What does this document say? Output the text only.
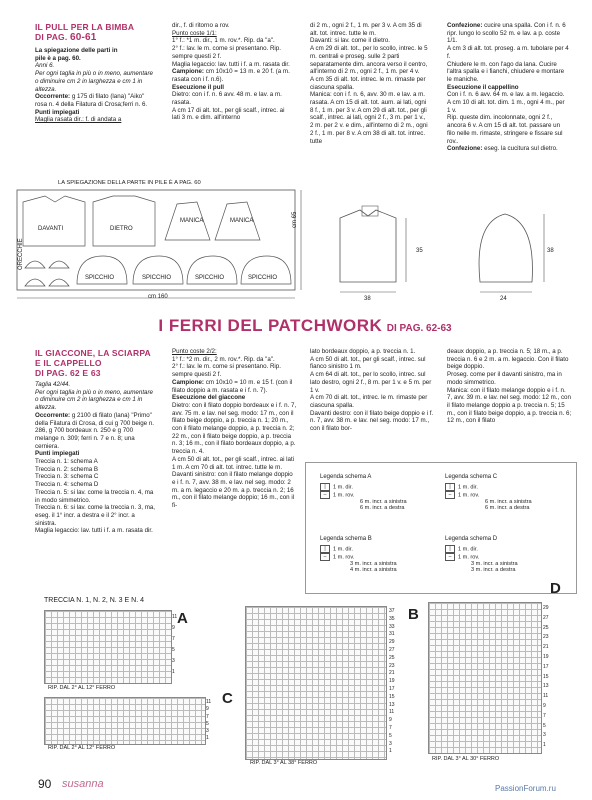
IL PULL PER LA BIMBA
DI PAG. 60-61

La spiegazione delle parti in

pile è a pag. 60.

Anni 6.

Per ogni taglia in più o in meno, aumentare o diminuire cm 2 in larghezza e cm 1 in altezza.

Occorrente: g 175 di filato (lana) "Aiko" rosa n. 4 della Filatura di Crosa;ferri n. 6.

Punti impiegati

Maglia rasata dir.: f. di andata a

dir., f. di ritorno a rov.

Punto coste 1/1:

1° f.: *1 m. dir., 1 m. rov.*. Rip. da "a".

2° f.: lav. le m. come si presentano. Rip. sempre questi 2 f.

Maglia legaccio: lav. tutti i f. a m. rasata dir.

Campione: cm 10x10 = 13 m. e 20 f. (a m. rasata con i f. n.6).

Esecuzione il pull

Dietro: con i f. n. 6 avv. 48 m. e lav. a m. rasata.

A cm 17 di alt. tot., per gli scalf., intrec. ai lati 3 m. e dim. all'interno

di 2 m., ogni 2 f., 1 m. per 3 v. A cm 35 di alt. tot. intrec. tutte le m.

Davanti: si lav. come il dietro.

A cm 29 di alt. tot., per lo scollo, intrec. le 5 m. centrali e proseg. sulle 2 parti separatamente dim. ancora verso il centro, all'interno di 2 m., ogni 2 f., 1 m. per 4 v.

A cm 35 di alt. tot. intrec. le m. rimaste per ciascuna spalla.

Manica: con i f. n. 6, avv. 30 m. e lav. a m. rasata. A cm 15 di alt. tot. aum. ai lati, ogni 8 f., 1 m. per 3 v. A cm 29 di alt. tot., per gli scalf., intrec. ai lati, ogni 2 f., 3 m. per 1 v., 2 m. per 2 v. e dim., all'interno di 2 m., ogni 2 f., 1 m. per 8 v. A cm 38 di alt. tot. intrec. tutte

Confezione: cucire una spalla. Con i f. n. 6 ripr. lungo lo scollo 52 m. e lav. a p. coste 1/1.

A cm 3 di alt. tot. proseg. a m. tubolare per 4 f.

Chiudere le m. con l'ago da lana. Cucire l'altra spalla e i fianchi, chiudere e montare le maniche.

Esecuzione il cappellino

Con i f. n. 6 avv. 64 m. e lav. a m. legaccio. A cm 10 di alt. tot. dim. 1 m., ogni 4 m., per 1 v.

Rip. queste dim. incolonnate, ogni 2 f., ancora 6 v. A cm 15 di alt. tot. passare un filo nelle m. rimaste, stringere e fissare sul rov..

Confezione: eseg. la cucitura sul dietro.

LA SPIEGAZIONE DELLA PARTE IN PILE È A PAG. 60
DAVANTI	DIETRO
MANICA	MANICA
ORECCHIE
SPICCHIO	SPICCHIO	SPICCHIO	SPICCHIO
cm 160
cm 65
35
38
38
24
I FERRI DEL PATCHWORK DI PAG. 62-63
IL GIACCONE, LA SCIARPA
E IL CAPPELLO
DI PAG. 62 E 63

Taglia 42/44.

Per ogni taglia in più o in meno, aumentare o diminuire cm 2 in larghezza e cm 1 in altezza.

Occorrente: g 2100 di filato (lana) "Primo" della Filatura di Crosa, di cui g 700 beige n. 286, g 700 bordeaux n. 250 e g 700 melange n. 309; ferri n. 7 e n. 8; una cerniera.

Punti impiegati

Treccia n. 1: schema A

Treccia n. 2: schema B

Treccia n. 3: schema C

Treccia n. 4: schema D

Treccia n. 5: si lav. come la treccia n. 4, ma in modo simmetrico.

Treccia n. 6: si lav. come la treccia n. 3, ma, eseg. il 1° incr. a destra e il 2° incr. a sinistra.

Maglia legaccio: lav. tutti i f. a m. rasata dir.

Punto coste 2/2:

1° f.: *2 m. dir., 2 m. rov.*. Rip. da "a".

2° f.: lav. le m. come si presentano. Rip. sempre questi 2 f.

Campione: cm 10x10 = 10 m. e 15 f. (con il filato doppio a m. rasata e i f. n. 7).

Esecuzione del giaccone

Dietro: con il filato doppio bordeaux e i f. n. 7, avv. 75 m. e lav. nel seg. modo: 17 m., con il filato beige doppio, a p. treccia n. 1; 20 m., con il filato melange doppio, a p. treccia n. 2; 22 m., con il filato beige doppio, a p. treccia n. 3; 16 m., con il filato bordeaux doppio, a p. treccia n. 4.

A cm 50 di alt. tot., per gli scalf., intrec. ai lati 1 m. A cm 70 di alt. tot. intrec. tutte le m.

Davanti sinistro: con il filato melange doppio e i f. n. 7, avv. 38 m. e lav. nel seg. modo: 2 m. a m. legaccio e 20 m. a p. treccia n. 2; 16 m., con il filato melange doppio; 16 m., con il fi-

lato bordeaux doppio, a p. treccia n. 1.

A cm 50 di alt. tot., per gli scalf., intrec. sul fianco sinistro 1 m.

A cm 64 di alt. tot., per lo scollo, intrec. sul lato destro, ogni 2 f., 8 m. per 1 v. e 5 m. per 1 v.

A cm 70 di alt. tot., intrec. le m. rimaste per ciascuna spalla.

Davanti destro: con il filato beige doppio e i f. n. 7, avv. 38 m. e lav. nel seg. modo: 17 m., con il filato bor-

deaux doppio, a p. treccia n. 5; 18 m., a p. treccia n. 6 e 2 m. a m. legaccio. Con il filato beige doppio.

Proseg. come per il davanti sinistro, ma in modo simmetrico.

Manica: con il filato melange doppio e i f. n. 7, avv. 39 m. e lav. nel seg. modo: 12 m., con il filato melange doppio a p. treccia n. 5; 15 m., con il filato beige doppio, a p. treccia n. 6; 12 m., con il filato

Legenda schema A
| 1 m. dir.
– 1 m. rov.
6 m. incr. a sinistra
6 m. incr. a destra
Legenda schema C
| 1 m. dir.
– 1 m. rov.
6 m. incr. a sinistra
6 m. incr. a destra
Legenda schema B
| 1 m. dir.
– 1 m. rov.
3 m. incr. a sinistra
4 m. incr. a sinistra
Legenda schema D
| 1 m. dir.
– 1 m. rov.
3 m. incr. a sinistra
3 m. incr. a destra
TRECCIA N. 1, N. 2, N. 3 E N. 4
RIP. DAL 2° AL 12° FERRO
A
RIP. DAL 2° AL 12° FERRO
C
RIP. DAL 3° AL 38° FERRO
B
RIP. DAL 3° AL 30° FERRO
D
11
9
7
5
3
1
11
9
7
5
3
1
37
35
33
31
29
27
25
23
21
19
17
15
13
11
9
7
5
3
1
29
27
25
23
21
19
17
15
13
11
9
7
5
3
1
90 susanna	PassionForum.ru
